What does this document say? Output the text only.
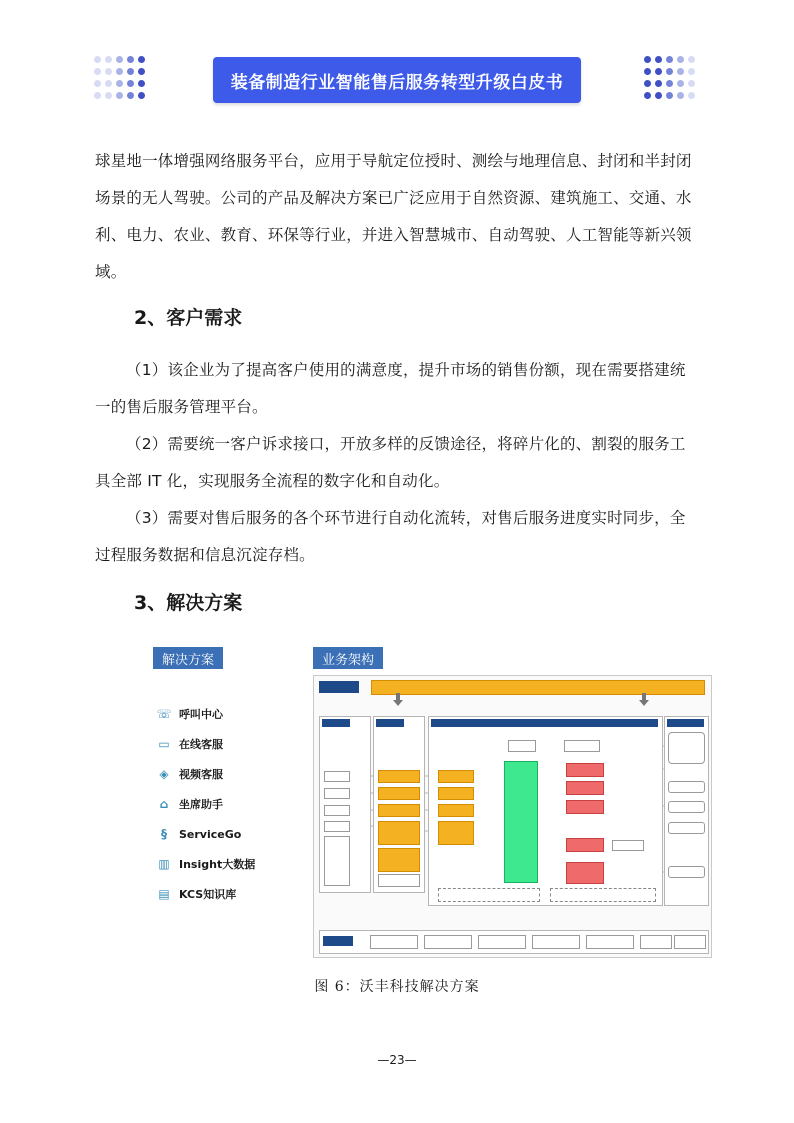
装备制造行业智能售后服务转型升级白皮书
球星地一体增强网络服务平台，应用于导航定位授时、测绘与地理信息、封闭和半封闭场景的无人驾驶。公司的产品及解决方案已广泛应用于自然资源、建筑施工、交通、水利、电力、农业、教育、环保等行业，并进入智慧城市、自动驾驶、人工智能等新兴领域。
2、客户需求
（1）该企业为了提高客户使用的满意度，提升市场的销售份额，现在需要搭建统一的售后服务管理平台。
（2）需要统一客户诉求接口，开放多样的反馈途径，将碎片化的、割裂的服务工具全部 IT 化，实现服务全流程的数字化和自动化。
（3）需要对售后服务的各个环节进行自动化流转，对售后服务进度实时同步，全过程服务数据和信息沉淀存档。
3、解决方案
解决方案	业务架构
☏ 呼叫中心
▭ 在线客服
◈ 视频客服
⌂ 坐席助手
§	ServiceGo
▥ Insight大数据
▤ KCS知识库
图 6：沃丰科技解决方案
—23—
